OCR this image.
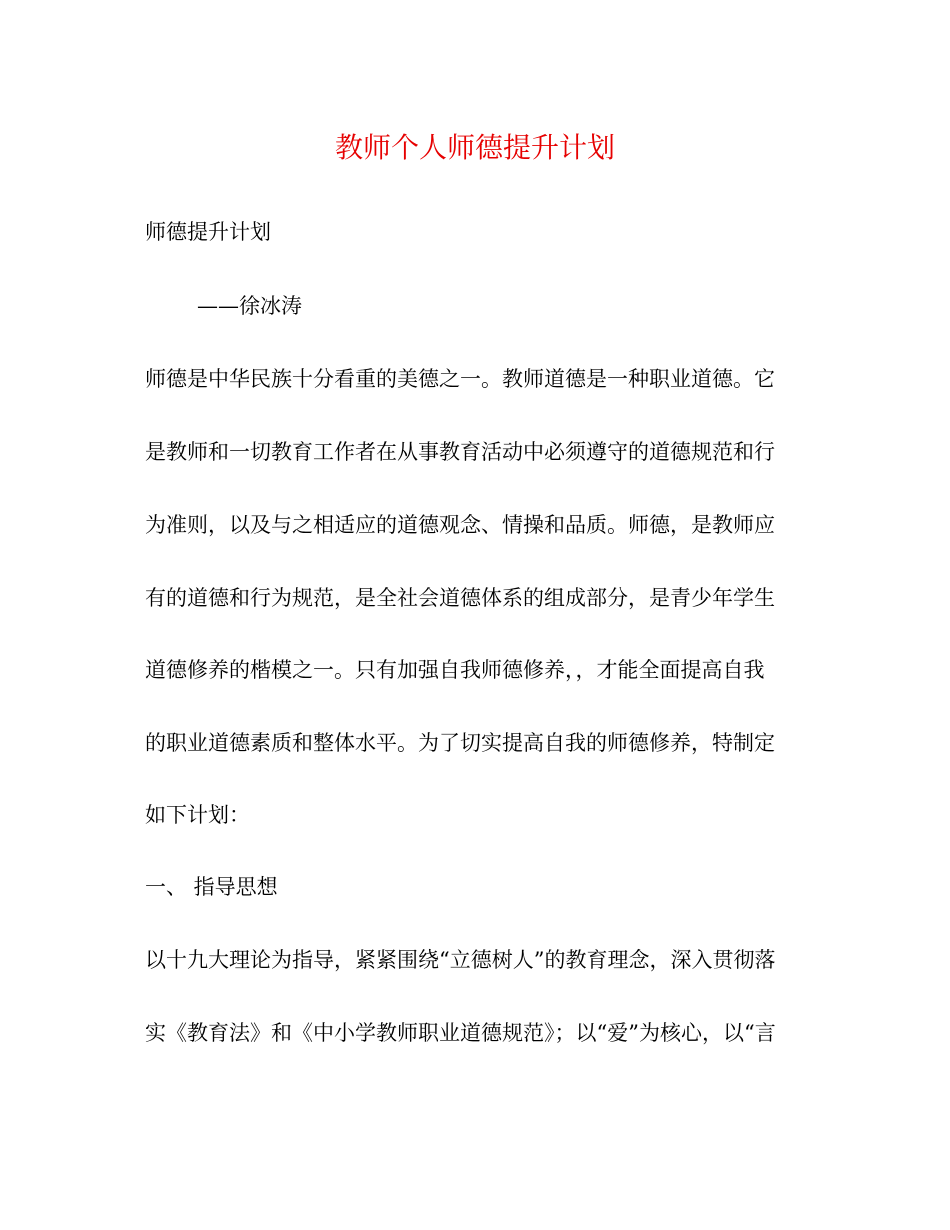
教师个人师德提升计划
师德提升计划
——徐冰涛
师德是中华民族十分看重的美德之一。教师道德是一种职业道德。它
是教师和一切教育工作者在从事教育活动中必须遵守的道德规范和行
为准则，以及与之相适应的道德观念、情操和品质。师德，是教师应
有的道德和行为规范，是全社会道德体系的组成部分，是青少年学生
道德修养的楷模之一。只有加强自我师德修养，，才能全面提高自我
的职业道德素质和整体水平。为了切实提高自我的师德修养，特制定
如下计划：
一、 指导思想
以十九大理论为指导，紧紧围绕“立德树人”的教育理念，深入贯彻落
实《教育法》和《中小学教师职业道德规范》；以“爱”为核心，以“言
